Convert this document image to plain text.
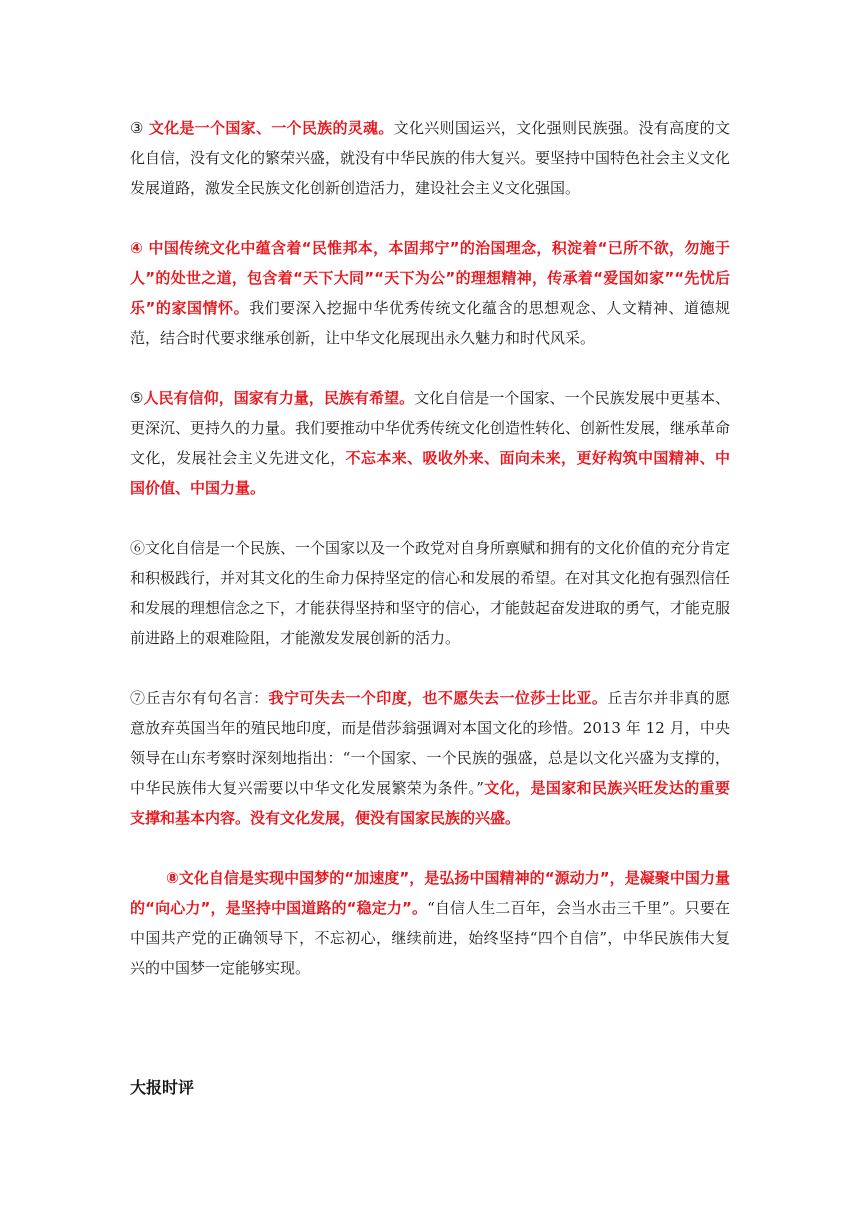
③ 文化是一个国家、一个民族的灵魂。文化兴则国运兴，文化强则民族强。没有高度的文化自信，没有文化的繁荣兴盛，就没有中华民族的伟大复兴。要坚持中国特色社会主义文化发展道路，激发全民族文化创新创造活力，建设社会主义文化强国。

④ 中国传统文化中蕴含着“民惟邦本，本固邦宁”的治国理念，积淀着“已所不欲，勿施于人”的处世之道，包含着“天下大同”“天下为公”的理想精神，传承着“爱国如家”“先忧后乐”的家国情怀。我们要深入挖掘中华优秀传统文化蕴含的思想观念、人文精神、道德规范，结合时代要求继承创新，让中华文化展现出永久魅力和时代风采。

⑤人民有信仰，国家有力量，民族有希望。文化自信是一个国家、一个民族发展中更基本、更深沉、更持久的力量。我们要推动中华优秀传统文化创造性转化、创新性发展，继承革命文化，发展社会主义先进文化，不忘本来、吸收外来、面向未来，更好构筑中国精神、中国价值、中国力量。

⑥文化自信是一个民族、一个国家以及一个政党对自身所禀赋和拥有的文化价值的充分肯定和积极践行，并对其文化的生命力保持坚定的信心和发展的希望。在对其文化抱有强烈信任和发展的理想信念之下，才能获得坚持和坚守的信心，才能鼓起奋发进取的勇气，才能克服前进路上的艰难险阻，才能激发发展创新的活力。

⑦丘吉尔有句名言：我宁可失去一个印度，也不愿失去一位莎士比亚。丘吉尔并非真的愿意放弃英国当年的殖民地印度，而是借莎翁强调对本国文化的珍惜。2013 年 12 月，中央领导在山东考察时深刻地指出：“一个国家、一个民族的强盛，总是以文化兴盛为支撑的，中华民族伟大复兴需要以中华文化发展繁荣为条件。”文化，是国家和民族兴旺发达的重要支撑和基本内容。没有文化发展，便没有国家民族的兴盛。

⑧文化自信是实现中国梦的“加速度”，是弘扬中国精神的“源动力”，是凝聚中国力量的“向心力”，是坚持中国道路的“稳定力”。“自信人生二百年，会当水击三千里”。只要在中国共产党的正确领导下，不忘初心，继续前进，始终坚持“四个自信”，中华民族伟大复兴的中国梦一定能够实现。

大报时评
